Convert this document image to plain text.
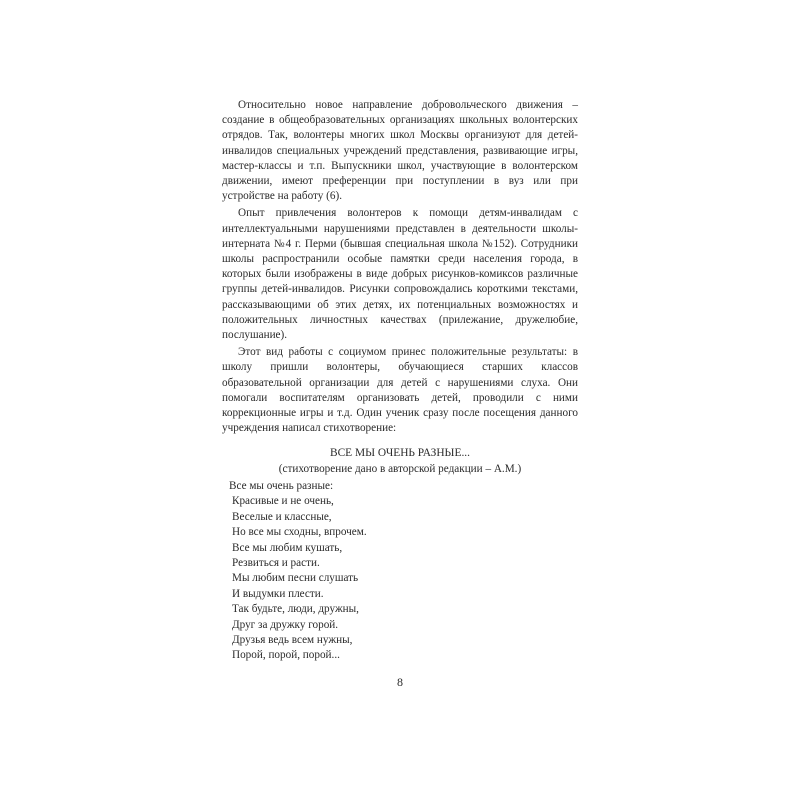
Относительно новое направление добровольческого движения – создание в общеобразовательных организациях школьных волонтерских отрядов. Так, волонтеры многих школ Москвы организуют для детей-инвалидов специальных учреждений представления, развивающие игры, мастер-классы и т.п. Выпускники школ, участвующие в волонтерском движении, имеют преференции при поступлении в вуз или при устройстве на работу (6).

Опыт привлечения волонтеров к помощи детям-инвалидам с интеллектуальными нарушениями представлен в деятельности школы-интерната №4 г. Перми (бывшая специальная школа №152). Сотрудники школы распространили особые памятки среди населения города, в которых были изображены в виде добрых рисунков-комиксов различные группы детей-инвалидов. Рисунки сопровождались короткими текстами, рассказывающими об этих детях, их потенциальных возможностях и положительных личностных качествах (прилежание, дружелюбие, послушание).

Этот вид работы с социумом принес положительные результаты: в школу пришли волонтеры, обучающиеся старших классов образовательной организации для детей с нарушениями слуха. Они помогали воспитателям организовать детей, проводили с ними коррекционные игры и т.д. Один ученик сразу после посещения данного учреждения написал стихотворение:

ВСЕ МЫ ОЧЕНЬ РАЗНЫЕ...
(стихотворение дано в авторской редакции – А.М.)
Все мы очень разные:
Красивые и не очень,
Веселые и классные,
Но все мы сходны, впрочем.
Все мы любим кушать,
Резвиться и расти.
Мы любим песни слушать
И выдумки плести.
Так будьте, люди, дружны,
Друг за дружку горой.
Друзья ведь всем нужны,
Порой, порой, порой...
8
